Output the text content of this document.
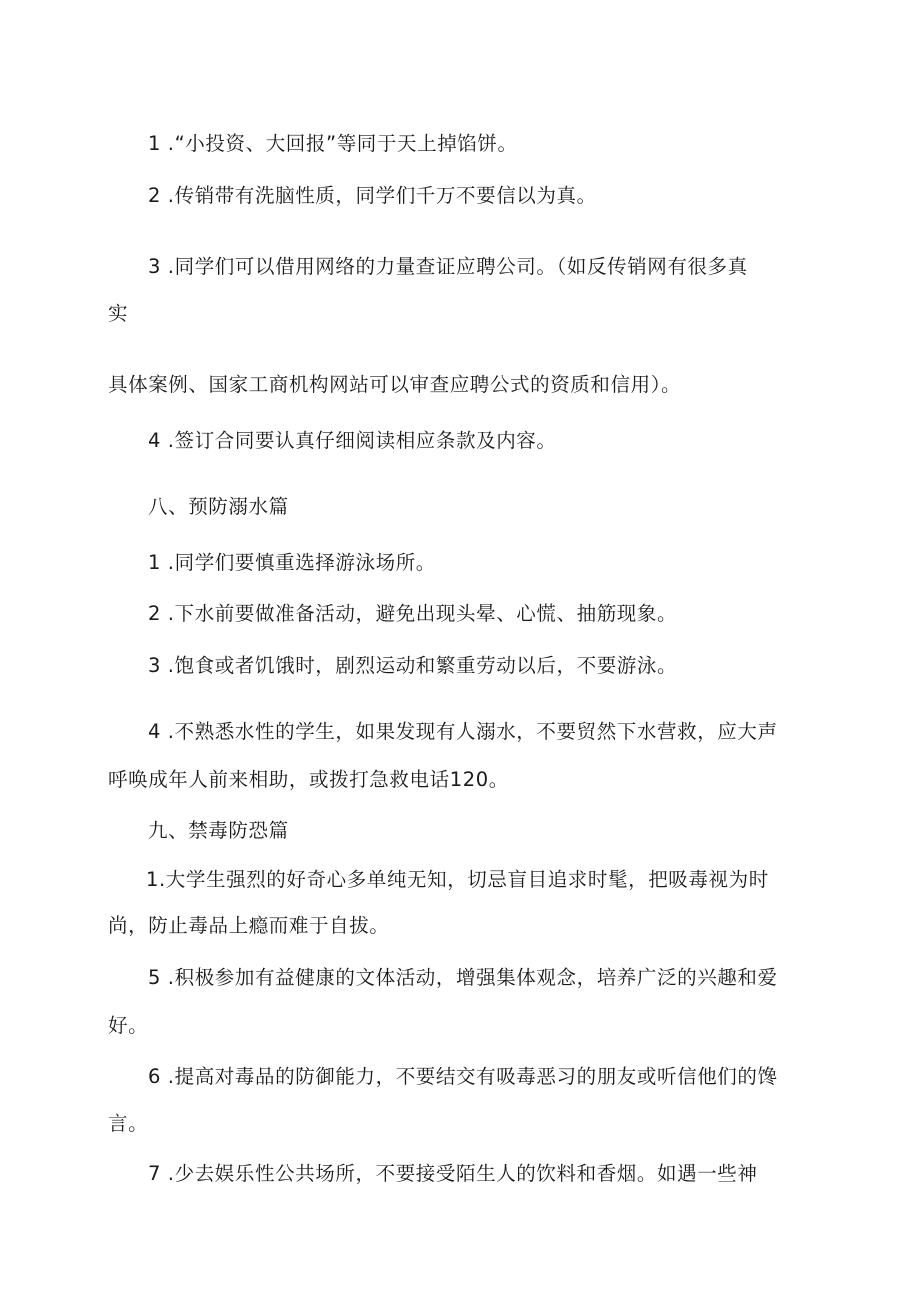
1 .“小投资、大回报”等同于天上掉馅饼。
2 .传销带有洗脑性质，同学们千万不要信以为真。
3 .同学们可以借用网络的力量查证应聘公司。（如反传销网有很多真
实
具体案例、国家工商机构网站可以审查应聘公式的资质和信用）。
4 .签订合同要认真仔细阅读相应条款及内容。
八、预防溺水篇
1 .同学们要慎重选择游泳场所。
2 .下水前要做准备活动，避免出现头晕、心慌、抽筋现象。
3 .饱食或者饥饿时，剧烈运动和繁重劳动以后，不要游泳。
4 .不熟悉水性的学生，如果发现有人溺水，不要贸然下水营救，应大声
呼唤成年人前来相助，或拨打急救电话120。
九、禁毒防恐篇
1.大学生强烈的好奇心多单纯无知，切忌盲目追求时髦，把吸毒视为时
尚，防止毒品上瘾而难于自拔。
5 .积极参加有益健康的文体活动，增强集体观念，培养广泛的兴趣和爱
好。
6 .提高对毒品的防御能力，不要结交有吸毒恶习的朋友或听信他们的馋
言。
7 .少去娱乐性公共场所，不要接受陌生人的饮料和香烟。如遇一些神
